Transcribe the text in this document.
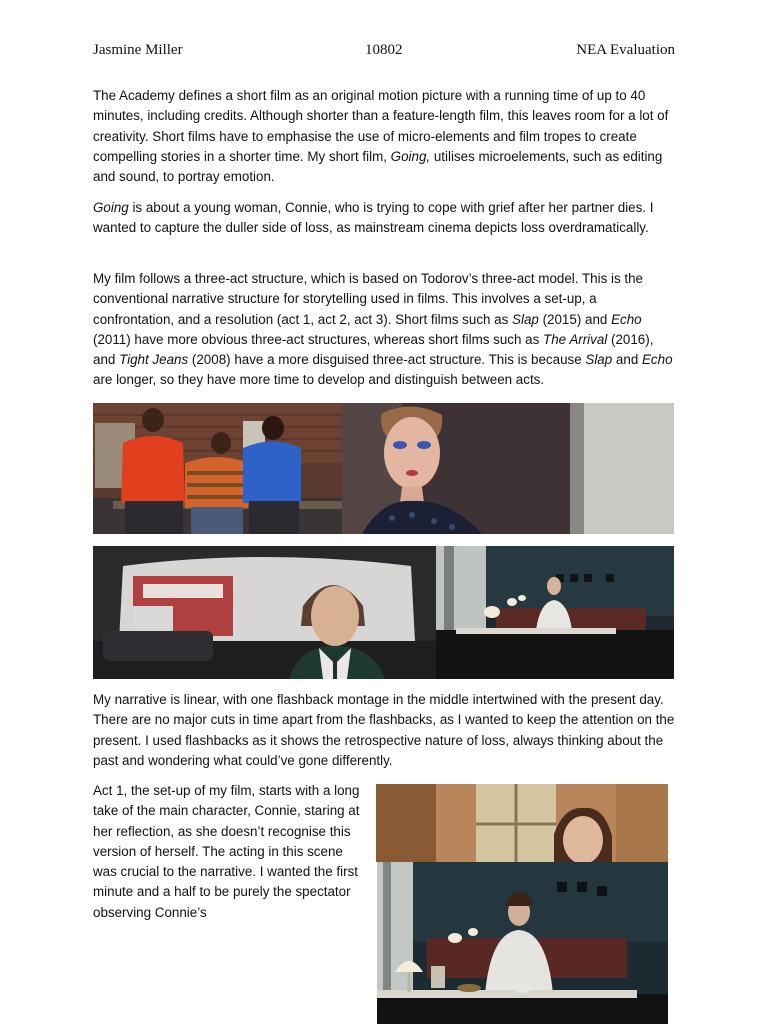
Jasmine Miller	10802	NEA Evaluation

The Academy defines a short film as an original motion picture with a running time of up to 40 minutes, including credits. Although shorter than a feature-length film, this leaves room for a lot of creativity. Short films have to emphasise the use of micro-elements and film tropes to create compelling stories in a shorter time. My short film, Going, utilises microelements, such as editing and sound, to portray emotion.

Going is about a young woman, Connie, who is trying to cope with grief after her partner dies. I wanted to capture the duller side of loss, as mainstream cinema depicts loss overdramatically.

My film follows a three-act structure, which is based on Todorov’s three-act model. This is the conventional narrative structure for storytelling used in films. This involves a set-up, a confrontation, and a resolution (act 1, act 2, act 3). Short films such as Slap (2015) and Echo (2011) have more obvious three-act structures, whereas short films such as The Arrival (2016), and Tight Jeans (2008) have a more disguised three-act structure. This is because Slap and Echo are longer, so they have more time to develop and distinguish between acts.

My narrative is linear, with one flashback montage in the middle intertwined with the present day. There are no major cuts in time apart from the flashbacks, as I wanted to keep the attention on the present. I used flashbacks as it shows the retrospective nature of loss, always thinking about the past and wondering what could’ve gone differently.

Act 1, the set-up of my film, starts with a long take of the main character, Connie, staring at her reflection, as she doesn’t recognise this version of herself. The acting in this scene was crucial to the narrative. I wanted the first minute and a half to be purely the spectator observing Connie’s
